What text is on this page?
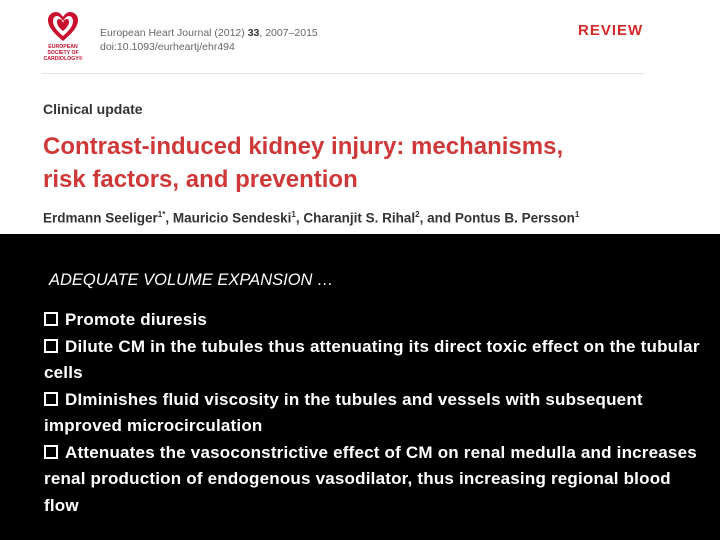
EUROPEAN
SOCIETY OF
CARDIOLOGY®
European Heart Journal (2012) 33, 2007–2015
doi:10.1093/eurheartj/ehr494
REVIEW
Clinical update
Contrast-induced kidney injury: mechanisms,
risk factors, and prevention
Erdmann Seeliger$^{1*}$, Mauricio Sendeski$^1$, Charanjit S. Rihal$^2$, and Pontus B. Persson$^1$
ADEQUATE VOLUME EXPANSION …
Promote diuresis
Dilute CM in the tubules thus attenuating its direct toxic effect on the tubular cells
DIminishes fluid viscosity in the tubules and vessels with subsequent improved microcirculation
Attenuates the vasoconstrictive effect of CM on renal medulla and increases renal production of endogenous vasodilator, thus increasing regional blood flow
